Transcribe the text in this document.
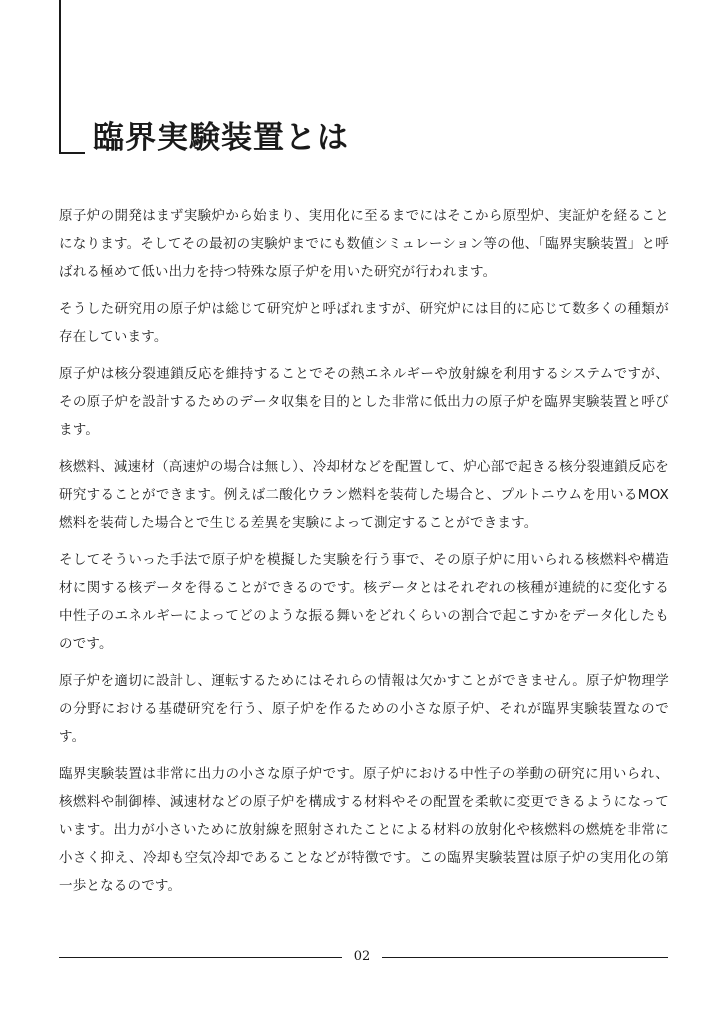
臨界実験装置とは

原子炉の開発はまず実験炉から始まり、実用化に至るまでにはそこから原型炉、実証炉を経ることになります。そしてその最初の実験炉までにも数値シミュレーション等の他、「臨界実験装置」と呼ばれる極めて低い出力を持つ特殊な原子炉を用いた研究が行われます。

そうした研究用の原子炉は総じて研究炉と呼ばれますが、研究炉には目的に応じて数多くの種類が存在しています。

原子炉は核分裂連鎖反応を維持することでその熱エネルギーや放射線を利用するシステムですが、その原子炉を設計するためのデータ収集を目的とした非常に低出力の原子炉を臨界実験装置と呼びます。

核燃料、減速材（高速炉の場合は無し）、冷却材などを配置して、炉心部で起きる核分裂連鎖反応を研究することができます。例えば二酸化ウラン燃料を装荷した場合と、プルトニウムを用いるMOX燃料を装荷した場合とで生じる差異を実験によって測定することができます。

そしてそういった手法で原子炉を模擬した実験を行う事で、その原子炉に用いられる核燃料や構造材に関する核データを得ることができるのです。核データとはそれぞれの核種が連続的に変化する中性子のエネルギーによってどのような振る舞いをどれくらいの割合で起こすかをデータ化したものです。

原子炉を適切に設計し、運転するためにはそれらの情報は欠かすことができません。原子炉物理学の分野における基礎研究を行う、原子炉を作るための小さな原子炉、それが臨界実験装置なのです。

臨界実験装置は非常に出力の小さな原子炉です。原子炉における中性子の挙動の研究に用いられ、核燃料や制御棒、減速材などの原子炉を構成する材料やその配置を柔軟に変更できるようになっています。出力が小さいために放射線を照射されたことによる材料の放射化や核燃料の燃焼を非常に小さく抑え、冷却も空気冷却であることなどが特徴です。この臨界実験装置は原子炉の実用化の第一歩となるのです。

02
